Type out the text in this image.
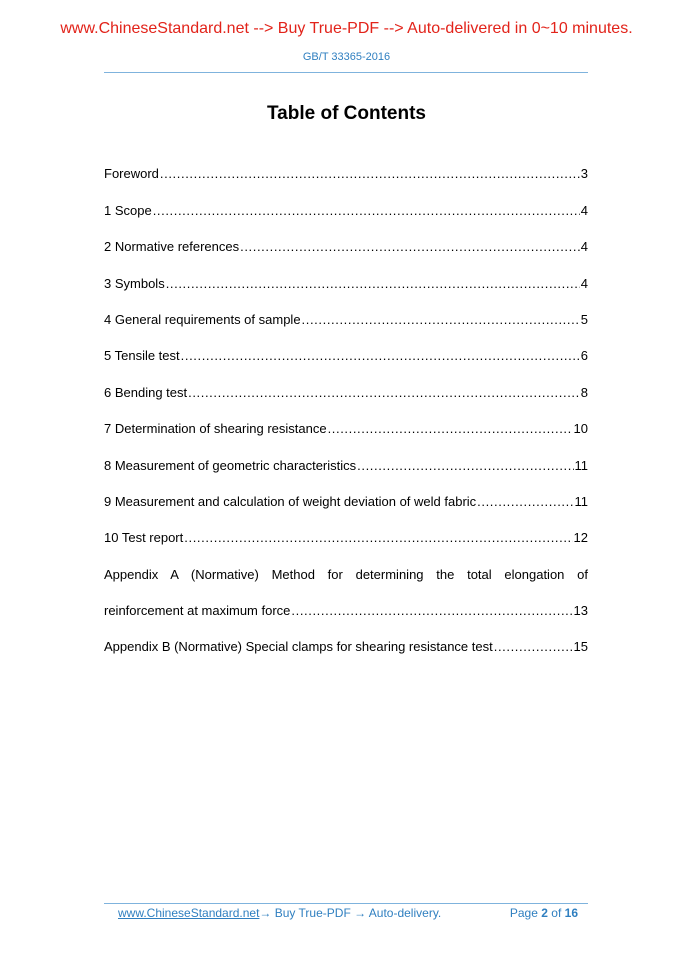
www.ChineseStandard.net --> Buy True-PDF --> Auto-delivered in 0~10 minutes.
GB/T 33365-2016
Table of Contents
Foreword .....	3
1 Scope .....	4
2 Normative references .....	4
3 Symbols .....	4
4 General requirements of sample .....	5
5 Tensile test .....	6
6 Bending test .....	8
7 Determination of shearing resistance .....	10
8 Measurement of geometric characteristics .....	11
9 Measurement and calculation of weight deviation of weld fabric .....	11
10 Test report .....	12
Appendix A (Normative) Method for determining the total elongation of
reinforcement at maximum force .....	13
Appendix B (Normative) Special clamps for shearing resistance test .....	15
www.ChineseStandard.net → Buy True-PDF → Auto-delivery.	Page 2 of 16
